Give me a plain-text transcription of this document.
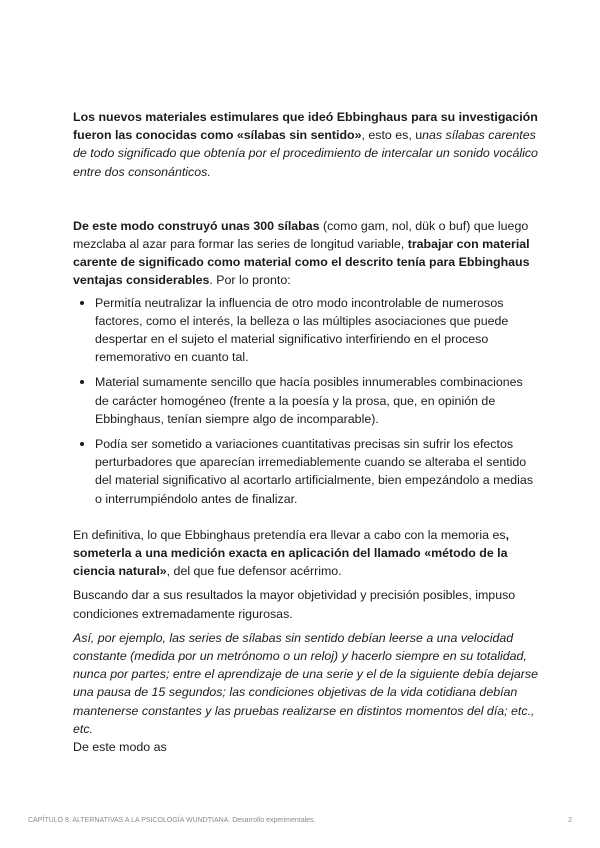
Los nuevos materiales estimulares que ideó Ebbinghaus para su investigación fueron las conocidas como «sílabas sin sentido», esto es, unas sílabas carentes de todo significado que obtenía por el procedimiento de intercalar un sonido vocálico entre dos consonánticos.

De este modo construyó unas 300 sílabas (como gam, nol, dük o buf) que luego mezclaba al azar para formar las series de longitud variable, trabajar con material carente de significado como material como el descrito tenía para Ebbinghaus ventajas considerables. Por lo pronto:

Permitía neutralizar la influencia de otro modo incontrolable de numerosos factores, como el interés, la belleza o las múltiples asociaciones que puede despertar en el sujeto el material significativo interfiriendo en el proceso rememorativo en cuanto tal.
Material sumamente sencillo que hacía posibles innumerables combinaciones de carácter homogéneo (frente a la poesía y la prosa, que, en opinión de Ebbinghaus, tenían siempre algo de incomparable).
Podía ser sometido a variaciones cuantitativas precisas sin sufrir los efectos perturbadores que aparecían irremediablemente cuando se alteraba el sentido del material significativo al acortarlo artificialmente, bien empezándolo a medias o interrumpiéndolo antes de finalizar.

En definitiva, lo que Ebbinghaus pretendía era llevar a cabo con la memoria es, someterla a una medición exacta en aplicación del llamado «método de la ciencia natural», del que fue defensor acérrimo.

Buscando dar a sus resultados la mayor objetividad y precisión posibles, impuso condiciones extremadamente rigurosas.

Así, por ejemplo, las series de sílabas sin sentido debían leerse a una velocidad constante (medida por un metrónomo o un reloj) y hacerlo siempre en su totalidad, nunca por partes; entre el aprendizaje de una serie y el de la siguiente debía dejarse una pausa de 15 segundos; las condiciones objetivas de la vida cotidiana debían mantenerse constantes y las pruebas realizarse en distintos momentos del día; etc., etc.
De este modo as

CAPÍTULO 8. ALTERNATIVAS A LA PSICOLOGÍA WUNDTIANA. Desarrollo experimentales.	2
